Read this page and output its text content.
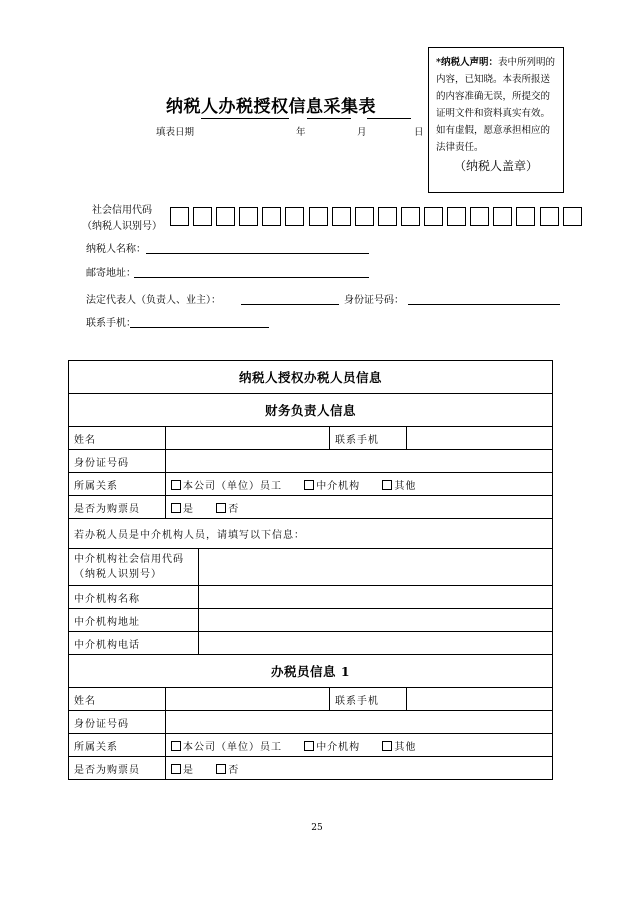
*纳税人声明：表中所列明的内容，已知晓。本表所报送的内容准确无误，所提交的证明文件和资料真实有效。如有虚假，愿意承担相应的法律责任。
（纳税人盖章）
纳税人办税授权信息采集表
填表日期	年	月	日
社会信用代码
（纳税人识别号）
纳税人名称：
邮寄地址：
法定代表人（负责人、业主）：	身份证号码：
联系手机：
纳税人授权办税人员信息				
财务负责人信息				
姓名			联系手机	
身份证号码				
所属关系	本公司（单位）员工 中介机构 其他			
是否为购票员	是 否			
若办税人员是中介机构人员，请填写以下信息：				
中介机构社会信用代码（纳税人识别号）				
中介机构名称				
中介机构地址				
中介机构电话				
办税员信息 1				
姓名			联系手机	
身份证号码				
所属关系	本公司（单位）员工 中介机构 其他			
是否为购票员	是 否			
25
